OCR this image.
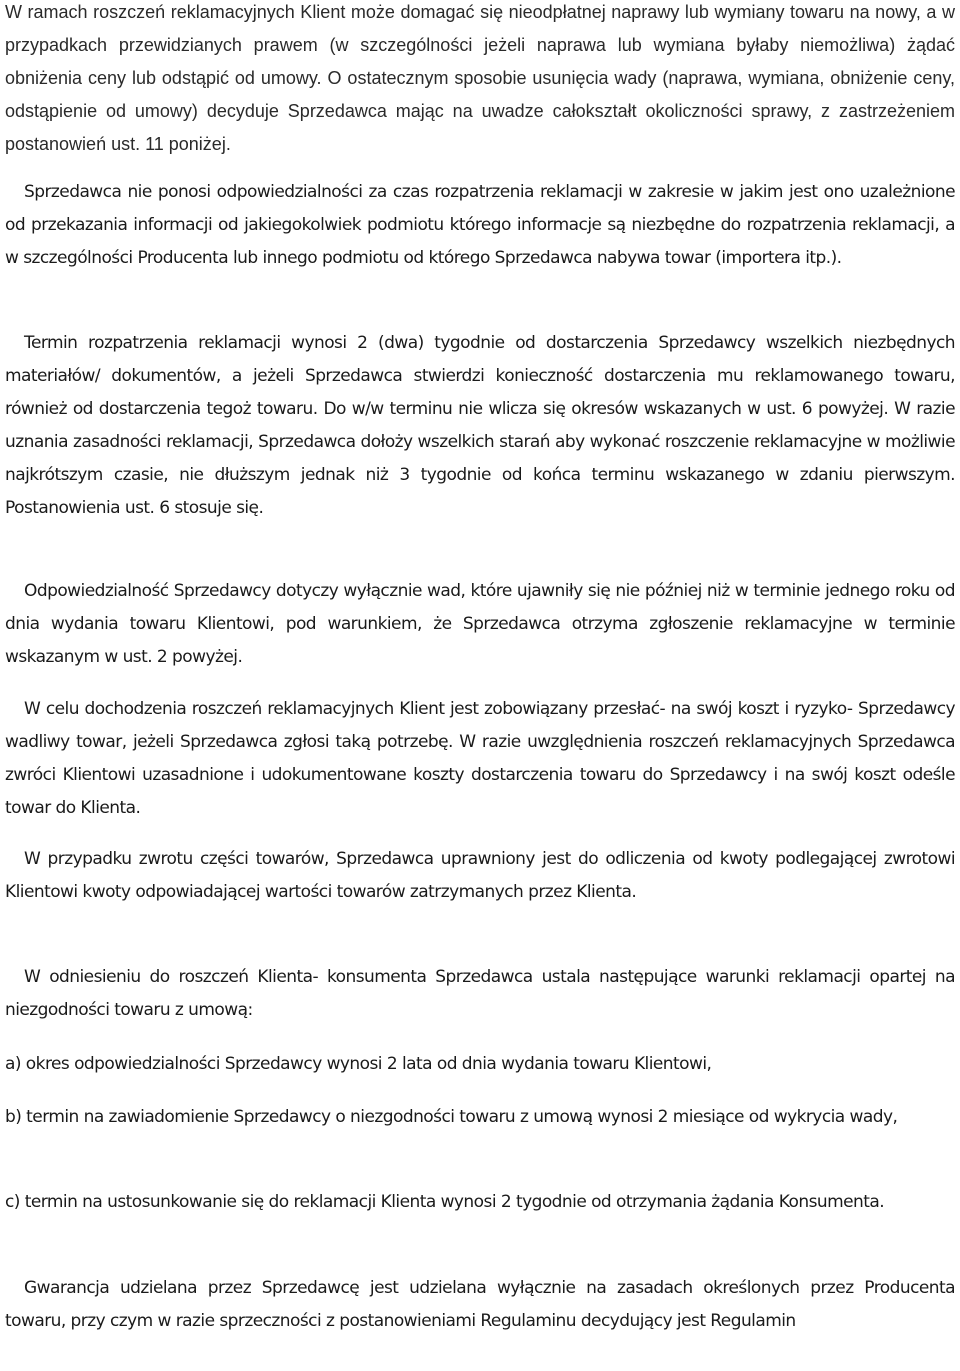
W ramach roszczeń reklamacyjnych Klient może domagać się nieodpłatnej naprawy lub wymiany towaru na nowy, a w przypadkach przewidzianych prawem (w szczególności jeżeli naprawa lub wymiana byłaby niemożliwa) żądać obniżenia ceny lub odstąpić od umowy. O ostatecznym sposobie usunięcia wady (naprawa, wymiana, obniżenie ceny, odstąpienie od umowy) decyduje Sprzedawca mając na uwadze całokształt okoliczności sprawy, z zastrzeżeniem postanowień ust. 11 poniżej.

Sprzedawca nie ponosi odpowiedzialności za czas rozpatrzenia reklamacji w zakresie w jakim jest ono uzależnione od przekazania informacji od jakiegokolwiek podmiotu którego informacje są niezbędne do rozpatrzenia reklamacji, a w szczególności Producenta lub innego podmiotu od którego Sprzedawca nabywa towar (importera itp.).

Termin rozpatrzenia reklamacji wynosi 2 (dwa) tygodnie od dostarczenia Sprzedawcy wszelkich niezbędnych materiałów/ dokumentów, a jeżeli Sprzedawca stwierdzi konieczność dostarczenia mu reklamowanego towaru, również od dostarczenia tegoż towaru. Do w/w terminu nie wlicza się okresów wskazanych w ust. 6 powyżej. W razie uznania zasadności reklamacji, Sprzedawca dołoży wszelkich starań aby wykonać roszczenie reklamacyjne w możliwie najkrótszym czasie, nie dłuższym jednak niż 3 tygodnie od końca terminu wskazanego w zdaniu pierwszym. Postanowienia ust. 6 stosuje się.

Odpowiedzialność Sprzedawcy dotyczy wyłącznie wad, które ujawniły się nie później niż w terminie jednego roku od dnia wydania towaru Klientowi, pod warunkiem, że Sprzedawca otrzyma zgłoszenie reklamacyjne w terminie wskazanym w ust. 2 powyżej.

W celu dochodzenia roszczeń reklamacyjnych Klient jest zobowiązany przesłać- na swój koszt i ryzyko- Sprzedawcy wadliwy towar, jeżeli Sprzedawca zgłosi taką potrzebę. W razie uwzględnienia roszczeń reklamacyjnych Sprzedawca zwróci Klientowi uzasadnione i udokumentowane koszty dostarczenia towaru do Sprzedawcy i na swój koszt odeśle towar do Klienta.

W przypadku zwrotu części towarów, Sprzedawca uprawniony jest do odliczenia od kwoty podlegającej zwrotowi Klientowi kwoty odpowiadającej wartości towarów zatrzymanych przez Klienta.

W odniesieniu do roszczeń Klienta- konsumenta Sprzedawca ustala następujące warunki reklamacji opartej na niezgodności towaru z umową:

a) okres odpowiedzialności Sprzedawcy wynosi 2 lata od dnia wydania towaru Klientowi,

b) termin na zawiadomienie Sprzedawcy o niezgodności towaru z umową wynosi 2 miesiące od wykrycia wady,

c) termin na ustosunkowanie się do reklamacji Klienta wynosi 2 tygodnie od otrzymania żądania Konsumenta.

Gwarancja udzielana przez Sprzedawcę jest udzielana wyłącznie na zasadach określonych przez Producenta towaru, przy czym w razie sprzeczności z postanowieniami Regulaminu decydujący jest Regulamin
